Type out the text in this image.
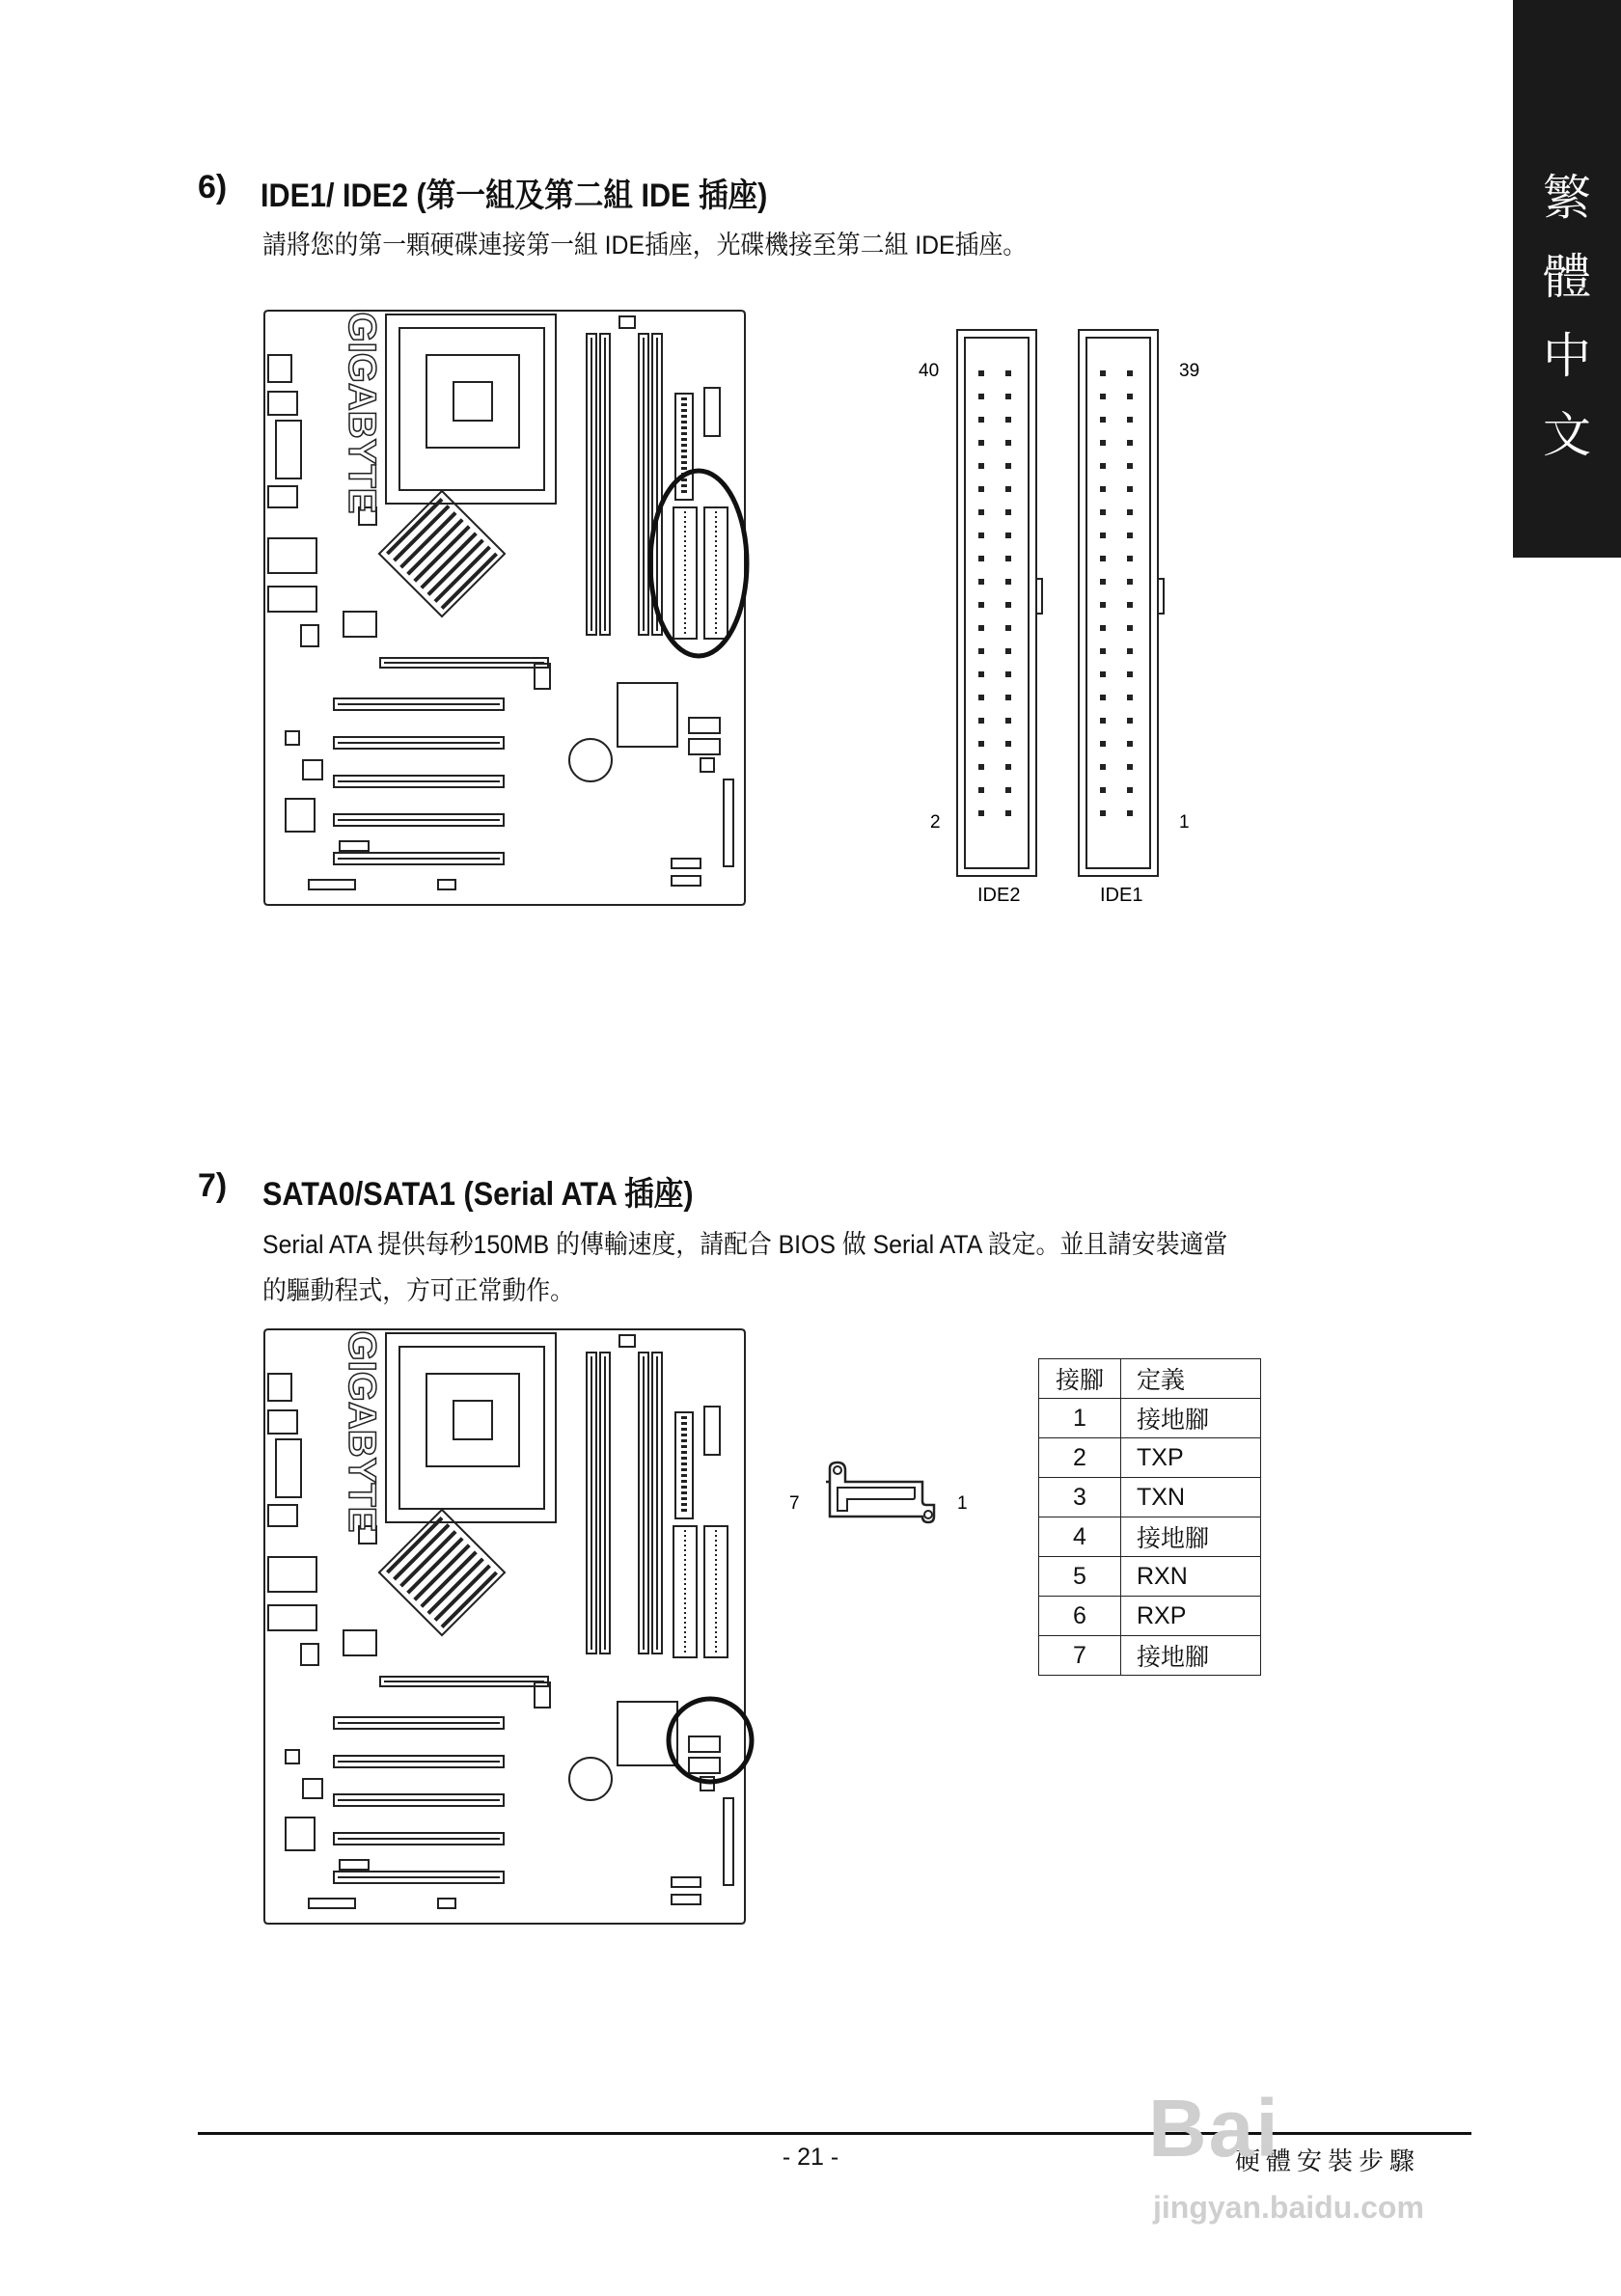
繁
體
中
文
6) IDE1/ IDE2 (第一組及第二組 IDE 插座)
請將您的第一顆硬碟連接第一組 IDE插座，光碟機接至第二組 IDE插座。
7) SATA0/SATA1 (Serial ATA 插座)
Serial ATA 提供每秒150MB 的傳輸速度，請配合 BIOS 做 Serial ATA 設定。並且請安裝適當
的驅動程式，方可正常動作。
GIGABYTE	40	39
2	1
IDE2	IDE1
GIGABYTE	7	1
接腳	定義
1	接地腳
2	TXP
3	TXN
4	接地腳
5	RXN
6	RXP
7	接地腳
- 21 -	硬體安裝步驟
Bai
jingyan.baidu.com
